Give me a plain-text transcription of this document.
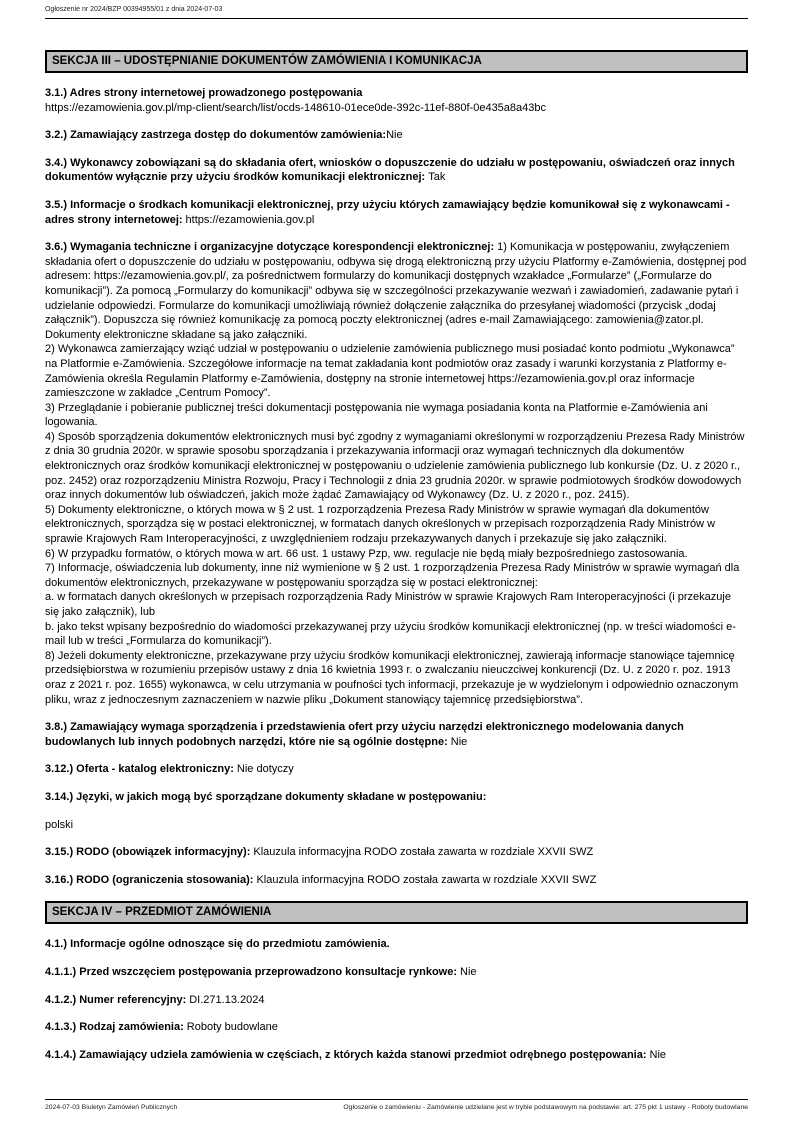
Ogłoszenie nr 2024/BZP 00394955/01 z dnia 2024-07-03
SEKCJA III – UDOSTĘPNIANIE DOKUMENTÓW ZAMÓWIENIA I KOMUNIKACJA

3.1.) Adres strony internetowej prowadzonego postępowania

https://ezamowienia.gov.pl/mp-client/search/list/ocds-148610-01ece0de-392c-11ef-880f-0e435a8a43bc

3.2.) Zamawiający zastrzega dostęp do dokumentów zamówienia:Nie

3.4.) Wykonawcy zobowiązani są do składania ofert, wniosków o dopuszczenie do udziału w postępowaniu, oświadczeń oraz innych dokumentów wyłącznie przy użyciu środków komunikacji elektronicznej: Tak

3.5.) Informacje o środkach komunikacji elektronicznej, przy użyciu których zamawiający będzie komunikował się z wykonawcami - adres strony internetowej: https://ezamowienia.gov.pl

3.6.) Wymagania techniczne i organizacyjne dotyczące korespondencji elektronicznej: 1) Komunikacja w postępowaniu, zwyłączeniem składania ofert o dopuszczenie do udziału w postępowaniu, odbywa się drogą elektroniczną przy użyciu Platformy e-Zamówienia, dostępnej pod adresem: https://ezamowienia.gov.pl/, za pośrednictwem formularzy do komunikacji dostępnych wzakładce „Formularze” („Formularze do komunikacji”). Za pomocą „Formularzy do komunikacji” odbywa się w szczególności przekazywanie wezwań i zawiadomień, zadawanie pytań i udzielanie odpowiedzi. Formularze do komunikacji umożliwiają również dołączenie załącznika do przesyłanej wiadomości (przycisk „dodaj załącznik”). Dopuszcza się również komunikację za pomocą poczty elektronicznej (adres e-mail Zamawiającego: zamowienia@zator.pl. Dokumenty elektroniczne składane są jako załączniki.

2) Wykonawca zamierzający wziąć udział w postępowaniu o udzielenie zamówienia publicznego musi posiadać konto podmiotu „Wykonawca” na Platformie e-Zamówienia. Szczegółowe informacje na temat zakładania kont podmiotów oraz zasady i warunki korzystania z Platformy e-Zamówienia określa Regulamin Platformy e-Zamówienia, dostępny na stronie internetowej https://ezamowienia.gov.pl oraz informacje zamieszczone w zakładce „Centrum Pomocy”.
3) Przeglądanie i pobieranie publicznej treści dokumentacji postępowania nie wymaga posiadania konta na Platformie e-Zamówienia ani logowania.
4) Sposób sporządzenia dokumentów elektronicznych musi być zgodny z wymaganiami określonymi w rozporządzeniu Prezesa Rady Ministrów z dnia 30 grudnia 2020r. w sprawie sposobu sporządzania i przekazywania informacji oraz wymagań technicznych dla dokumentów elektronicznych oraz środków komunikacji elektronicznej w postępowaniu o udzielenie zamówienia publicznego lub konkursie (Dz. U. z 2020 r., poz. 2452) oraz rozporządzeniu Ministra Rozwoju, Pracy i Technologii z dnia 23 grudnia 2020r. w sprawie podmiotowych środków dowodowych oraz innych dokumentów lub oświadczeń, jakich może żądać Zamawiający od Wykonawcy (Dz. U. z 2020 r., poz. 2415).
5) Dokumenty elektroniczne, o których mowa w § 2 ust. 1 rozporządzenia Prezesa Rady Ministrów w sprawie wymagań dla dokumentów elektronicznych, sporządza się w postaci elektronicznej, w formatach danych określonych w przepisach rozporządzenia Rady Ministrów w sprawie Krajowych Ram Interoperacyjności, z uwzględnieniem rodzaju przekazywanych danych i przekazuje się jako załączniki.
6) W przypadku formatów, o których mowa w art. 66 ust. 1 ustawy Pzp, ww. regulacje nie będą miały bezpośredniego zastosowania.
7) Informacje, oświadczenia lub dokumenty, inne niż wymienione w § 2 ust. 1 rozporządzenia Prezesa Rady Ministrów w sprawie wymagań dla dokumentów elektronicznych, przekazywane w postępowaniu sporządza się w postaci elektronicznej:
a. w formatach danych określonych w przepisach rozporządzenia Rady Ministrów w sprawie Krajowych Ram Interoperacyjności (i przekazuje się jako załącznik), lub
b. jako tekst wpisany bezpośrednio do wiadomości przekazywanej przy użyciu środków komunikacji elektronicznej (np. w treści wiadomości e-mail lub w treści „Formularza do komunikacji”).
8) Jeżeli dokumenty elektroniczne, przekazywane przy użyciu środków komunikacji elektronicznej, zawierają informacje stanowiące tajemnicę przedsiębiorstwa w rozumieniu przepisów ustawy z dnia 16 kwietnia 1993 r. o zwalczaniu nieuczciwej konkurencji (Dz. U. z 2020 r. poz. 1913 oraz z 2021 r. poz. 1655) wykonawca, w celu utrzymania w poufności tych informacji, przekazuje je w wydzielonym i odpowiednio oznaczonym pliku, wraz z jednoczesnym zaznaczeniem w nazwie pliku „Dokument stanowiący tajemnicę przedsiębiorstwa”.

3.8.) Zamawiający wymaga sporządzenia i przedstawienia ofert przy użyciu narzędzi elektronicznego modelowania danych budowlanych lub innych podobnych narzędzi, które nie są ogólnie dostępne: Nie

3.12.) Oferta - katalog elektroniczny: Nie dotyczy

3.14.) Języki, w jakich mogą być sporządzane dokumenty składane w postępowaniu:

polski

3.15.) RODO (obowiązek informacyjny): Klauzula informacyjna RODO została zawarta w rozdziale XXVII SWZ

3.16.) RODO (ograniczenia stosowania): Klauzula informacyjna RODO została zawarta w rozdziale XXVII SWZ

SEKCJA IV – PRZEDMIOT ZAMÓWIENIA

4.1.) Informacje ogólne odnoszące się do przedmiotu zamówienia.

4.1.1.) Przed wszczęciem postępowania przeprowadzono konsultacje rynkowe: Nie

4.1.2.) Numer referencyjny: DI.271.13.2024

4.1.3.) Rodzaj zamówienia: Roboty budowlane

4.1.4.) Zamawiający udziela zamówienia w częściach, z których każda stanowi przedmiot odrębnego postępowania: Nie

2024-07-03 Biuletyn Zamówień Publicznych	Ogłoszenie o zamówieniu - Zamówienie udzielane jest w trybie podstawowym na podstawie: art. 275 pkt 1 ustawy - Roboty budowlane
